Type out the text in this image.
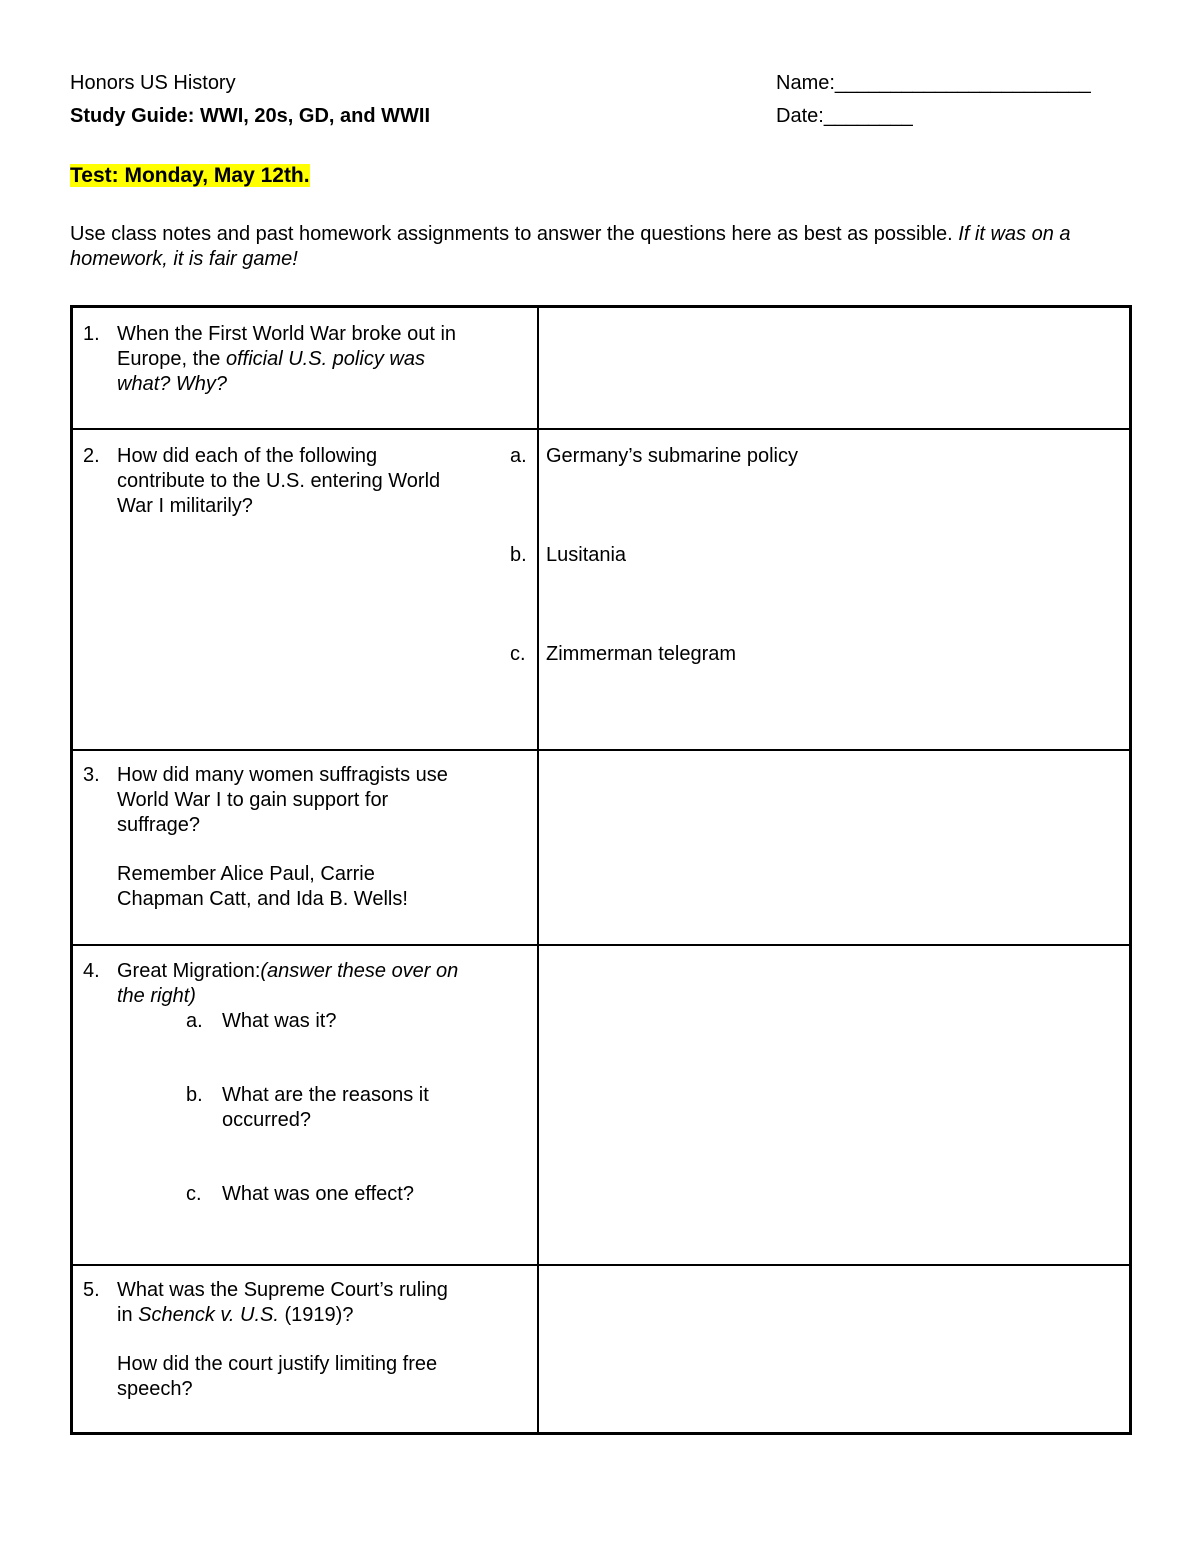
Honors US History
Study Guide: WWI, 20s, GD, and WWII
Name:_______________________
Date:________
Test: Monday, May 12th.
Use class notes and past homework assignments to answer the questions here as best as possible. If it was on a homework, it is fair game!
1. When the First World War broke out in Europe, the official U.S. policy was what? Why?
2. How did each of the following contribute to the U.S. entering World War I militarily?
a. Germany’s submarine policy
b. Lusitania
c.	Zimmerman telegram
3. How did many women suffragists use World War I to gain support for suffrage?

Remember Alice Paul, Carrie Chapman Catt, and Ida B. Wells!

4. Great Migration:(answer these over on the right)
a. What was it?
b. What are the reasons it occurred?
c.	What was one effect?
5. What was the Supreme Court’s ruling in Schenck v. U.S. (1919)?

How did the court justify limiting free speech?
